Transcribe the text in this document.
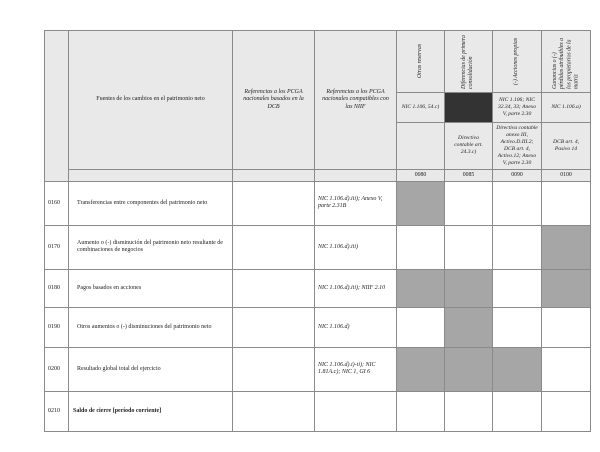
	Fuentes de los cambios en el patrimonio neto	Referencias a los PCGA nacionales basados en la DCB	Referencias a los PCGA nacionales compatibles con las NIIF	Otras reservas	Diferencias de primera consolidación	(-) Acciones propias	Ganancias o (-) pérdidas atribuibles a los propietarios de la matriz

				NIC 1.106, 54.c)		NIC 1.106; NIC 32.34, 33; Anexo V, parte 2.30	NIC 1.106.a)
					Directiva contable art. 24.3.c)	Directiva contable anexo III, Activo.D.III.2; DCB art. 4, Activo.12; Anexo V, parte 2.30	DCB art. 4, Pasivo 14
				0080	0085	0090	0100
0160	Transferencias entre componentes del patrimonio neto		NIC 1.106.d).iii); Anexo V, parte 2.31B				
0170	Aumento o (-) disminución del patrimonio neto resultante de combinaciones de negocios		NIC 1.106.d).iii)				
0180	Pagos basados en acciones		NIC 1.106.d).iii); NIIF 2.10				
0190	Otros aumentos o (-) disminuciones del patrimonio neto		NIC 1.106.d)				
0200	Resultado global total del ejercicio		NIC 1.106.d).i)-ii); NIC 1.81A.c); NIC 1, GI 6				
0210	Saldo de cierre [período corriente]						
